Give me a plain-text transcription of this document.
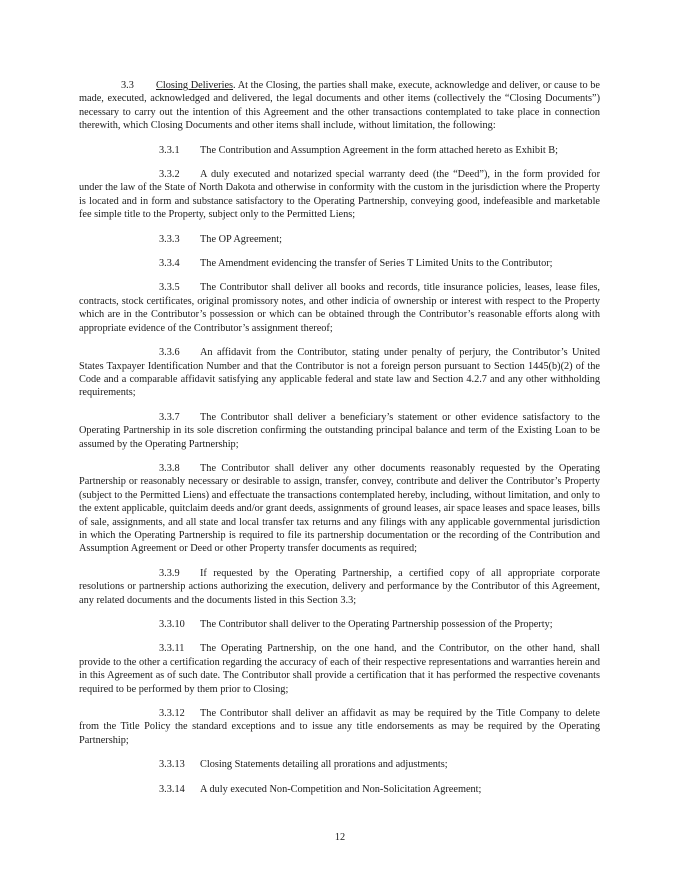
3.3 Closing Deliveries. At the Closing, the parties shall make, execute, acknowledge and deliver, or cause to be made, executed, acknowledged and delivered, the legal documents and other items (collectively the “Closing Documents”) necessary to carry out the intention of this Agreement and the other transactions contemplated to take place in connection therewith, which Closing Documents and other items shall include, without limitation, the following:

3.3.1 The Contribution and Assumption Agreement in the form attached hereto as Exhibit B;

3.3.2 A duly executed and notarized special warranty deed (the “Deed”), in the form provided for under the law of the State of North Dakota and otherwise in conformity with the custom in the jurisdiction where the Property is located and in form and substance satisfactory to the Operating Partnership, conveying good, indefeasible and marketable fee simple title to the Property, subject only to the Permitted Liens;

3.3.3 The OP Agreement;

3.3.4 The Amendment evidencing the transfer of Series T Limited Units to the Contributor;

3.3.5 The Contributor shall deliver all books and records, title insurance policies, leases, lease files, contracts, stock certificates, original promissory notes, and other indicia of ownership or interest with respect to the Property which are in the Contributor’s possession or which can be obtained through the Contributor’s reasonable efforts along with appropriate evidence of the Contributor’s assignment thereof;

3.3.6 An affidavit from the Contributor, stating under penalty of perjury, the Contributor’s United States Taxpayer Identification Number and that the Contributor is not a foreign person pursuant to Section 1445(b)(2) of the Code and a comparable affidavit satisfying any applicable federal and state law and Section 4.2.7 and any other withholding requirements;

3.3.7 The Contributor shall deliver a beneficiary’s statement or other evidence satisfactory to the Operating Partnership in its sole discretion confirming the outstanding principal balance and term of the Existing Loan to be assumed by the Operating Partnership;

3.3.8 The Contributor shall deliver any other documents reasonably requested by the Operating Partnership or reasonably necessary or desirable to assign, transfer, convey, contribute and deliver the Contributor’s Property (subject to the Permitted Liens) and effectuate the transactions contemplated hereby, including, without limitation, and only to the extent applicable, quitclaim deeds and/or grant deeds, assignments of ground leases, air space leases and space leases, bills of sale, assignments, and all state and local transfer tax returns and any filings with any applicable governmental jurisdiction in which the Operating Partnership is required to file its partnership documentation or the recording of the Contribution and Assumption Agreement or Deed or other Property transfer documents as required;

3.3.9 If requested by the Operating Partnership, a certified copy of all appropriate corporate resolutions or partnership actions authorizing the execution, delivery and performance by the Contributor of this Agreement, any related documents and the documents listed in this Section 3.3;

3.3.10 The Contributor shall deliver to the Operating Partnership possession of the Property;

3.3.11 The Operating Partnership, on the one hand, and the Contributor, on the other hand, shall provide to the other a certification regarding the accuracy of each of their respective representations and warranties herein and in this Agreement as of such date. The Contributor shall provide a certification that it has performed the respective covenants required to be performed by them prior to Closing;

3.3.12 The Contributor shall deliver an affidavit as may be required by the Title Company to delete from the Title Policy the standard exceptions and to issue any title endorsements as may be required by the Operating Partnership;

3.3.13 Closing Statements detailing all prorations and adjustments;

3.3.14 A duly executed Non-Competition and Non-Solicitation Agreement;

12
